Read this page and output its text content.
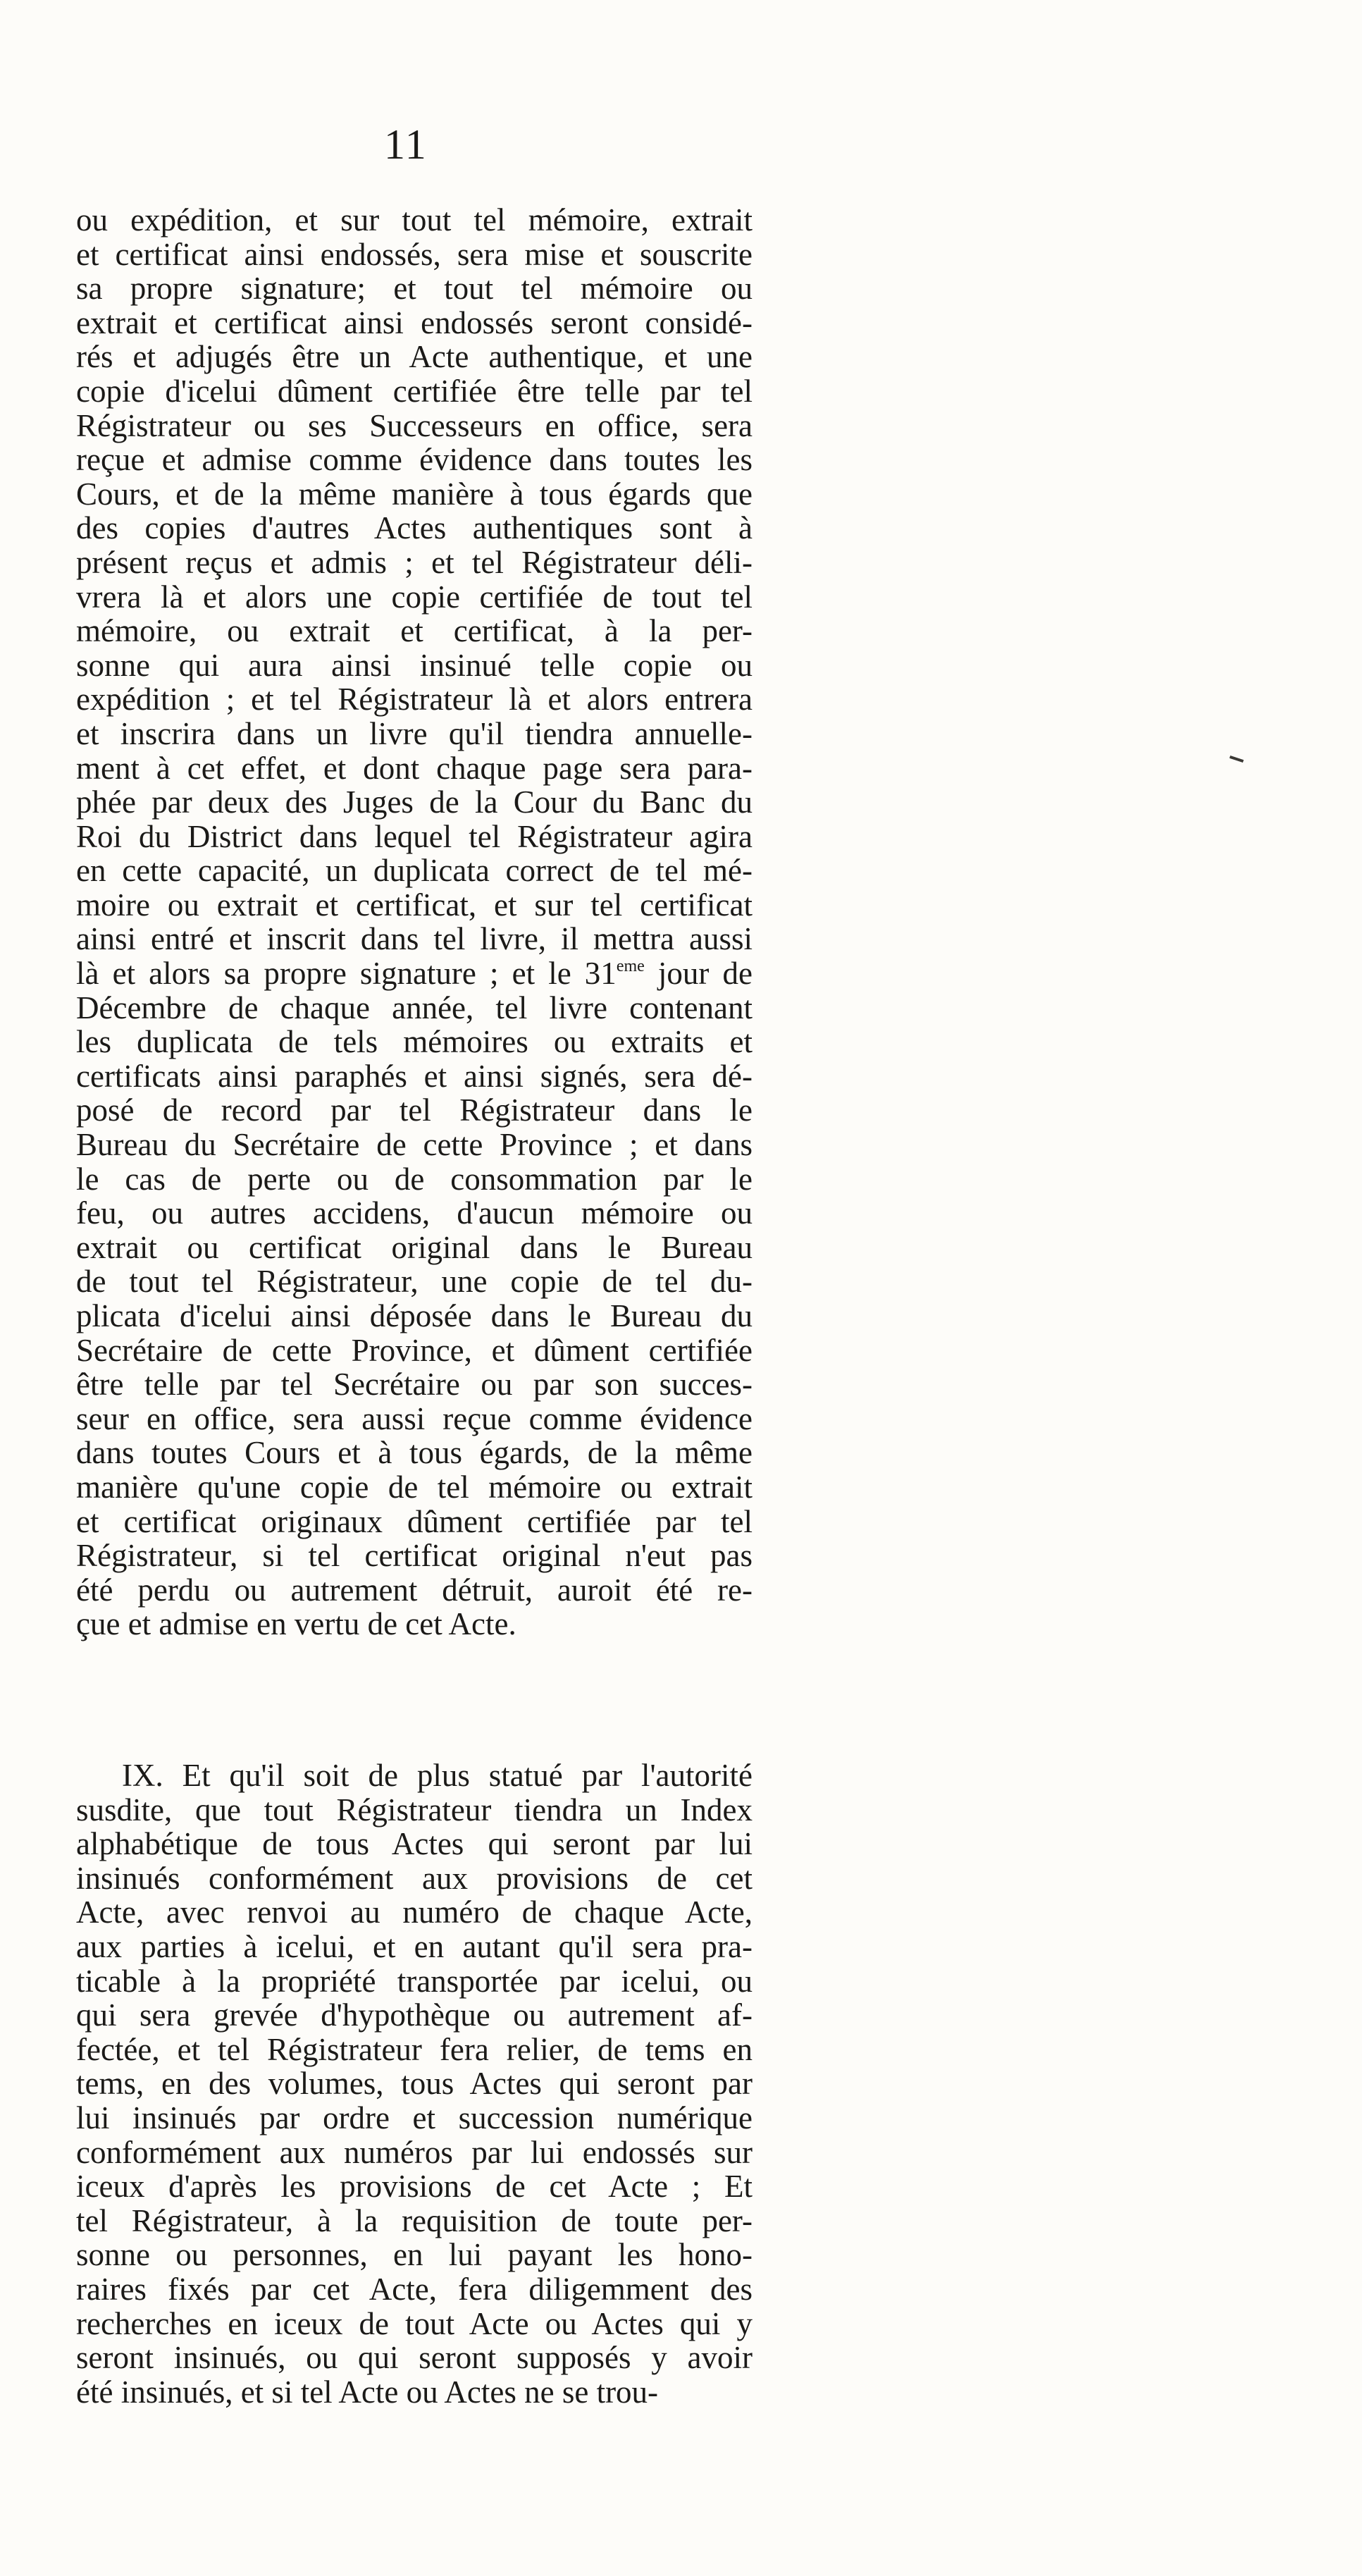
11
ou expédition, et sur tout tel mémoire, extrait
et certificat ainsi endossés, sera mise et souscrite
sa propre signature; et tout tel mémoire ou
extrait et certificat ainsi endossés seront considé-
rés et adjugés être un Acte authentique, et une
copie d'icelui dûment certifiée être telle par tel
Régistrateur ou ses Successeurs en office, sera
reçue et admise comme évidence dans toutes les
Cours, et de la même manière à tous égards que
des copies d'autres Actes authentiques sont à
présent reçus et admis ; et tel Régistrateur déli-
vrera là et alors une copie certifiée de tout tel
mémoire, ou extrait et certificat, à la per-
sonne qui aura ainsi insinué telle copie ou
expédition ; et tel Régistrateur là et alors entrera
et inscrira dans un livre qu'il tiendra annuelle-
ment à cet effet, et dont chaque page sera para-
phée par deux des Juges de la Cour du Banc du
Roi du District dans lequel tel Régistrateur agira
en cette capacité, un duplicata correct de tel mé-
moire ou extrait et certificat, et sur tel certificat
ainsi entré et inscrit dans tel livre, il mettra aussi
là et alors sa propre signature ; et le 31eme jour de
Décembre de chaque année, tel livre contenant
les duplicata de tels mémoires ou extraits et
certificats ainsi paraphés et ainsi signés, sera dé-
posé de record par tel Régistrateur dans le
Bureau du Secrétaire de cette Province ; et dans
le cas de perte ou de consommation par le
feu, ou autres accidens, d'aucun mémoire ou
extrait ou certificat original dans le Bureau
de tout tel Régistrateur, une copie de tel du-
plicata d'icelui ainsi déposée dans le Bureau du
Secrétaire de cette Province, et dûment certifiée
être telle par tel Secrétaire ou par son succes-
seur en office, sera aussi reçue comme évidence
dans toutes Cours et à tous égards, de la même
manière qu'une copie de tel mémoire ou extrait
et certificat originaux dûment certifiée par tel
Régistrateur, si tel certificat original n'eut pas
été perdu ou autrement détruit, auroit été re-
çue et admise en vertu de cet Acte.
IX. Et qu'il soit de plus statué par l'autorité
susdite, que tout Régistrateur tiendra un Index
alphabétique de tous Actes qui seront par lui
insinués conformément aux provisions de cet
Acte, avec renvoi au numéro de chaque Acte,
aux parties à icelui, et en autant qu'il sera pra-
ticable à la propriété transportée par icelui, ou
qui sera grevée d'hypothèque ou autrement af-
fectée, et tel Régistrateur fera relier, de tems en
tems, en des volumes, tous Actes qui seront par
lui insinués par ordre et succession numérique
conformément aux numéros par lui endossés sur
iceux d'après les provisions de cet Acte ; Et
tel Régistrateur, à la requisition de toute per-
sonne ou personnes, en lui payant les hono-
raires fixés par cet Acte, fera diligemment des
recherches en iceux de tout Acte ou Actes qui y
seront insinués, ou qui seront supposés y avoir
été insinués, et si tel Acte ou Actes ne se trou-
